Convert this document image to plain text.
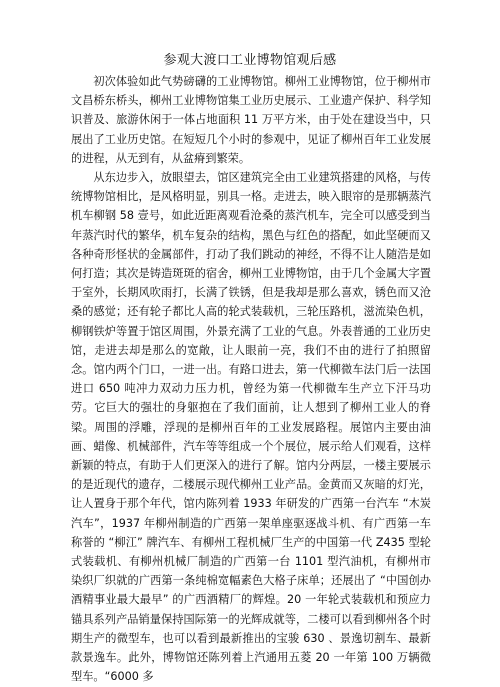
参观大渡口工业博物馆观后感

初次体验如此气势磅礴的工业博物馆。柳州工业博物馆，位于柳州市文昌桥东桥头，柳州工业博物馆集工业历史展示、工业遗产保护、科学知识普及、旅游休闲于一体占地面积 11 万平方米，由于处在建设当中，只展出了工业历史馆。在短短几个小时的参观中，见证了柳州百年工业发展的进程，从无到有，从盆瘠到繁荣。

从东边步入，放眼望去，馆区建筑完全由工业建筑搭建的风格，与传统博物馆相比，是风格明显，别具一格。走进去，映入眼帘的是那辆蒸汽机车柳钢 58 壹号，如此近距离观看沧桑的蒸汽机车，完全可以感受到当年蒸汽时代的繁华，机车复杂的结构，黑色与红色的搭配，如此坚硬而又各种奇形怪状的金属部件，打动了我们跳动的神经，不得不让人随浩是如何打造；其次是铸造斑斑的宿舍，柳州工业博物馆，由于几个金属大字置于室外，长期风吹雨打，长满了铁锈，但是我却是那么喜欢，锈色而又沧桑的感觉；还有轮子都比人高的轮式装载机，三轮压路机，滋流染色机，柳钢铁炉等置于馆区周围，外景充满了工业的气息。外表普通的工业历史馆，走进去却是那么的宽敞，让人眼前一亮，我们不由的进行了拍照留念。馆内两个门口，一进一出。有路口进去，第一代柳微车法门后一法国进口 650 吨冲力双动力压力机，曾经为第一代柳微车生产立下汗马功劳。它巨大的强壮的身躯抱在了我们面前，让人想到了柳州工业人的脊梁。周围的浮雕，浮现的是柳州百年的工业发展路程。展馆内主要由油画、蜡像、机械部件，汽车等等组成一个个展位，展示给人们观看，这样新颖的特点，有助于人们更深入的进行了解。馆内分两层，一楼主要展示的是近现代的遗存，二楼展示现代柳州工业产品。金黄而又灰暗的灯光，让人置身于那个年代，馆内陈列着 1933 年研发的广西第一台汽车 “木炭汽车”，1937 年柳州制造的广西第一架单座驱逐战斗机、有广西第一车称誉的 “柳江” 牌汽车、有柳州工程机械厂生产的中国第一代 Z435 型轮式装载机、有柳州机械厂制造的广西第一台 1101 型汽油机，有柳州市染织厂织就的广西第一条纯棉宽幅素色大格子床单；还展出了 “中国创办酒精事业最大最早” 的广西酒精厂的辉煌。20 一年轮式装载机和预应力锚具系列产品销量保持国际第一的光辉成就等，二楼可以看到柳州各个时期生产的微型车，也可以看到最新推出的宝骏 630 、景逸切割车、最新款景逸车。此外，博物馆还陈列着上汽通用五菱 20 一年第 100 万辆微型车。“6000 多
